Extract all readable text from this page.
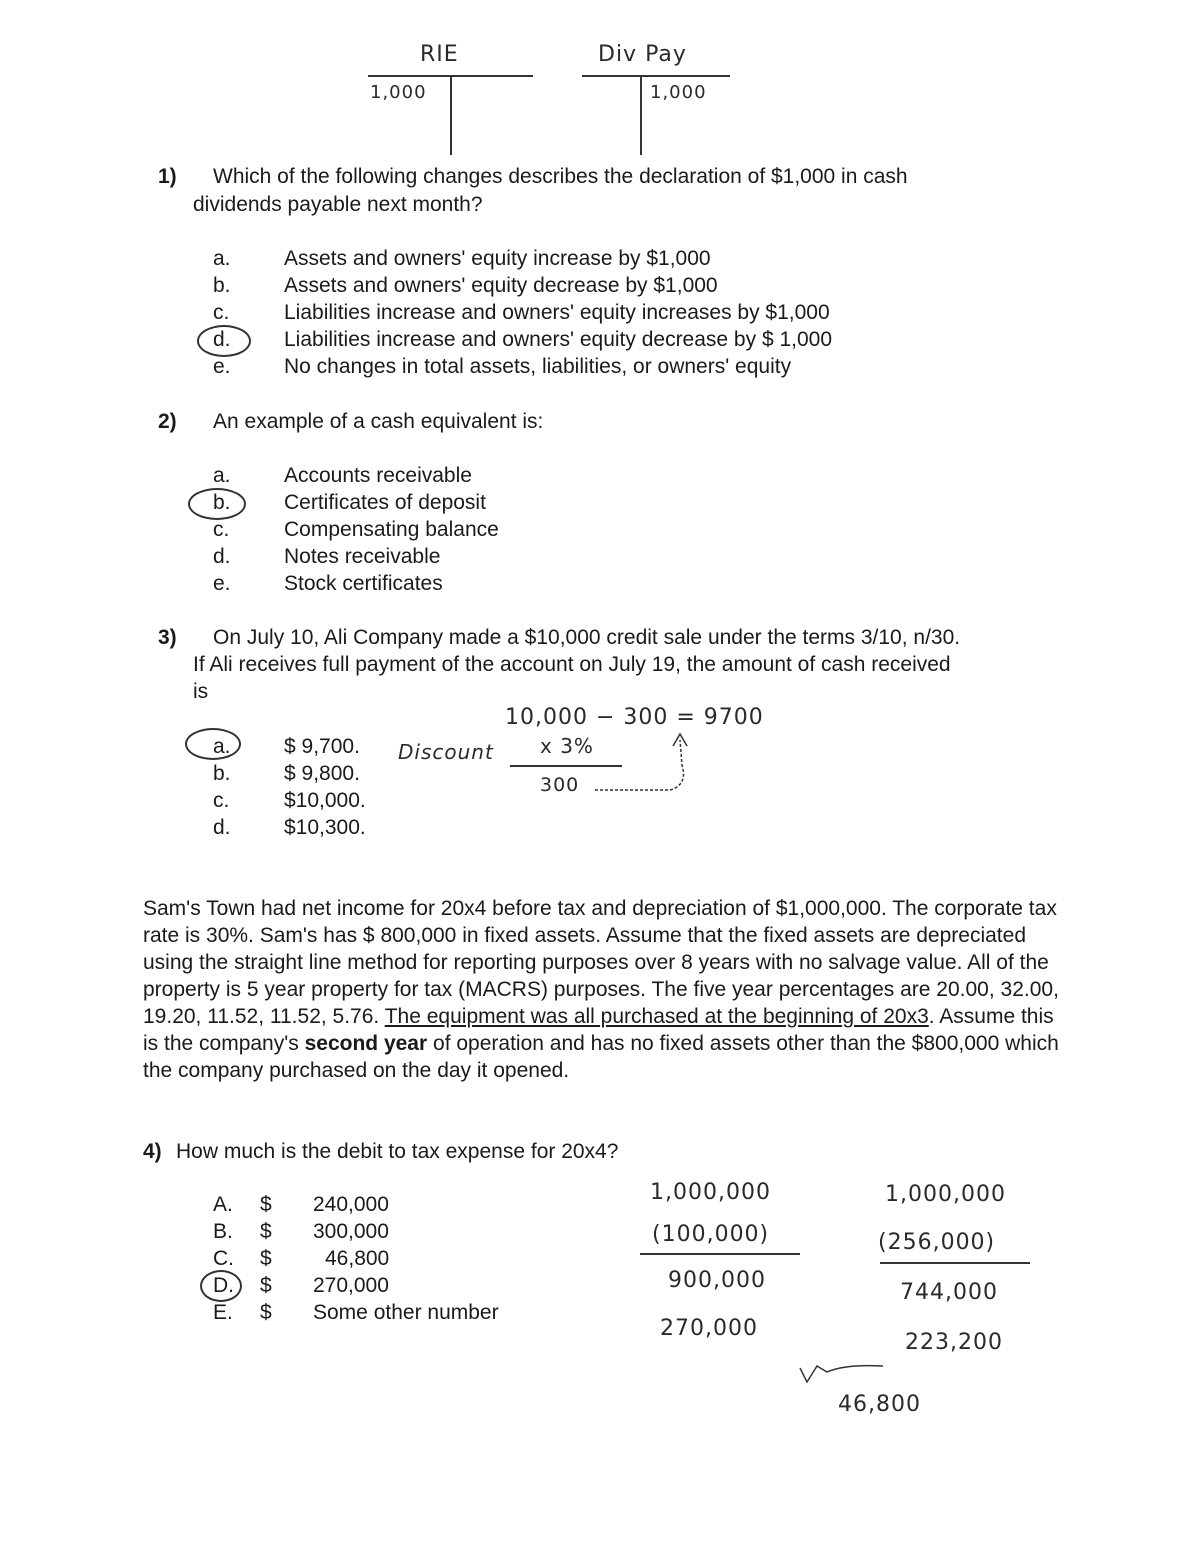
RIE
1,000
Div Pay
1,000
1) Which of the following changes describes the declaration of $1,000 in cash
dividends payable next month?
a.	Assets and owners' equity increase by $1,000
b.	Assets and owners' equity decrease by $1,000
c.	Liabilities increase and owners' equity increases by $1,000
d.	Liabilities increase and owners' equity decrease by $ 1,000
e.	No changes in total assets, liabilities, or owners' equity
2) An example of a cash equivalent is:
a.	Accounts receivable
b.	Certificates of deposit
c.	Compensating balance
d.	Notes receivable
e.	Stock certificates
3) On July 10, Ali Company made a $10,000 credit sale under the terms 3/10, n/30.
If Ali receives full payment of the account on July 19, the amount of cash received
is
10,000 − 300 = 9700
a.	$ 9,700.
b.	$ 9,800.
c.	$10,000.
d.	$10,300.
Discount x 3%
300
Sam's Town had net income for 20x4 before tax and depreciation of $1,000,000. The corporate tax rate is 30%. Sam's has $ 800,000 in fixed assets. Assume that the fixed assets are depreciated using the straight line method for reporting purposes over 8 years with no salvage value. All of the property is 5 year property for tax (MACRS) purposes. The five year percentages are 20.00, 32.00, 19.20, 11.52, 11.52, 5.76. The equipment was all purchased at the beginning of 20x3. Assume this is the company's second year of operation and has no fixed assets other than the $800,000 which the company purchased on the day it opened.
4) How much is the debit to tax expense for 20x4?
A. $ 240,000
B. $ 300,000
C. $	46,800
D. $ 270,000
E. $ Some other number
1,000,000
(100,000)
900,000
270,000
1,000,000
(256,000)
744,000
223,200
46,800
